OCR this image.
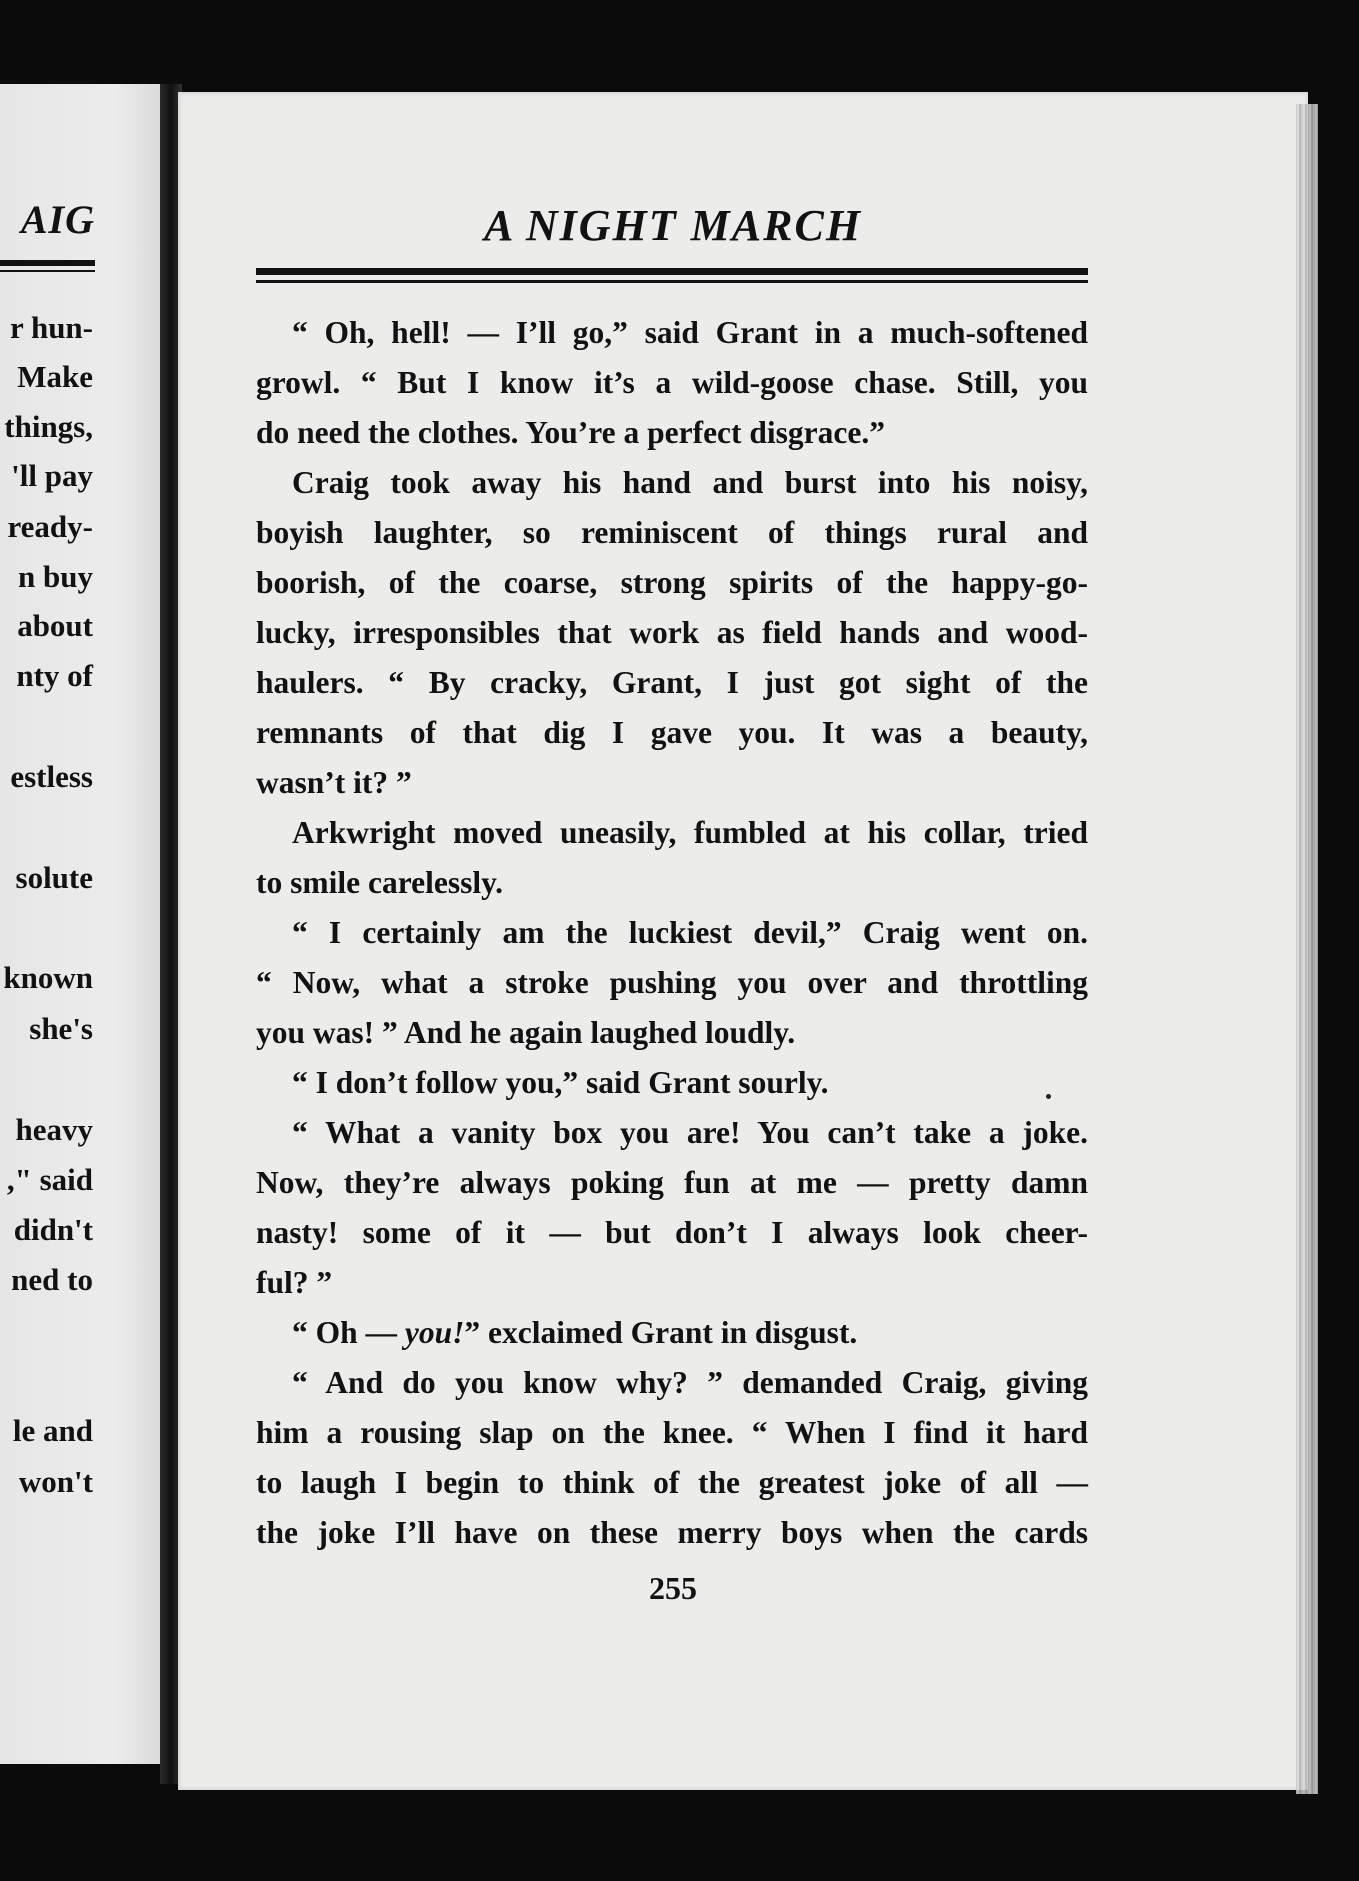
AIG
r hun-
Make
things,
'll pay
ready-
n buy
about
nty of
estless
solute
known
she's
heavy
," said
didn't
ned to
le and
won't
A NIGHT MARCH
“ Oh, hell! — I’ll go,” said Grant in a much-softened
growl. “ But I know it’s a wild-goose chase. Still, you
do need the clothes. You’re a perfect disgrace.”
Craig took away his hand and burst into his noisy,
boyish laughter, so reminiscent of things rural and
boorish, of the coarse, strong spirits of the happy-go-
lucky, irresponsibles that work as field hands and wood-
haulers. “ By cracky, Grant, I just got sight of the
remnants of that dig I gave you. It was a beauty,
wasn’t it? ”
Arkwright moved uneasily, fumbled at his collar, tried
to smile carelessly.
“ I certainly am the luckiest devil,” Craig went on.
“ Now, what a stroke pushing you over and throttling
you was! ” And he again laughed loudly.
“ I don’t follow you,” said Grant sourly.
“ What a vanity box you are! You can’t take a joke.
Now, they’re always poking fun at me — pretty damn
nasty! some of it — but don’t I always look cheer-
ful? ”
“ Oh — you!” exclaimed Grant in disgust.
“ And do you know why? ” demanded Craig, giving
him a rousing slap on the knee. “ When I find it hard
to laugh I begin to think of the greatest joke of all —
the joke I’ll have on these merry boys when the cards
255
